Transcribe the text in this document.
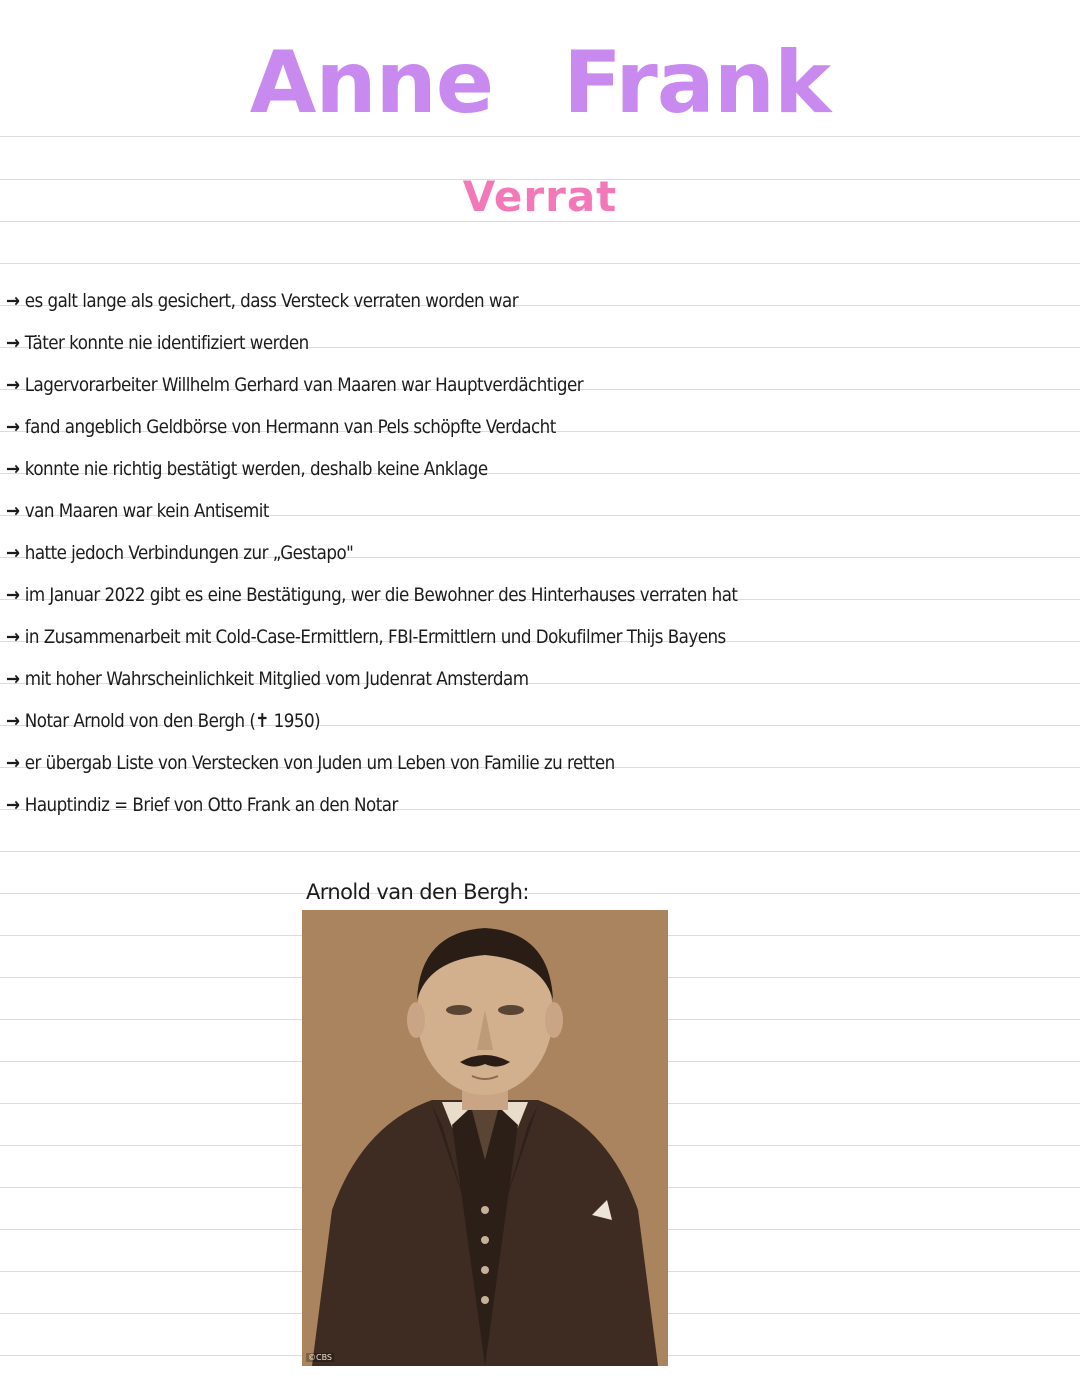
Anne Frank
Verrat
→ es galt lange als gesichert, dass Versteck verraten worden war
→ Täter konnte nie identifiziert werden
→ Lagervorarbeiter Willhelm Gerhard van Maaren war Hauptverdächtiger
→ fand angeblich Geldbörse von Hermann van Pels schöpfte Verdacht
→ konnte nie richtig bestätigt werden, deshalb keine Anklage
→ van Maaren war kein Antisemit
→ hatte jedoch Verbindungen zur „Gestapo"
→ im Januar 2022 gibt es eine Bestätigung, wer die Bewohner des Hinterhauses verraten hat
→ in Zusammenarbeit mit Cold-Case-Ermittlern, FBI-Ermittlern und Dokufilmer Thijs Bayens
→ mit hoher Wahrscheinlichkeit Mitglied vom Judenrat Amsterdam
→ Notar Arnold von den Bergh (✝ 1950)
→ er übergab Liste von Verstecken von Juden um Leben von Familie zu retten
→ Hauptindiz = Brief von Otto Frank an den Notar
Arnold van den Bergh:
©CBS
